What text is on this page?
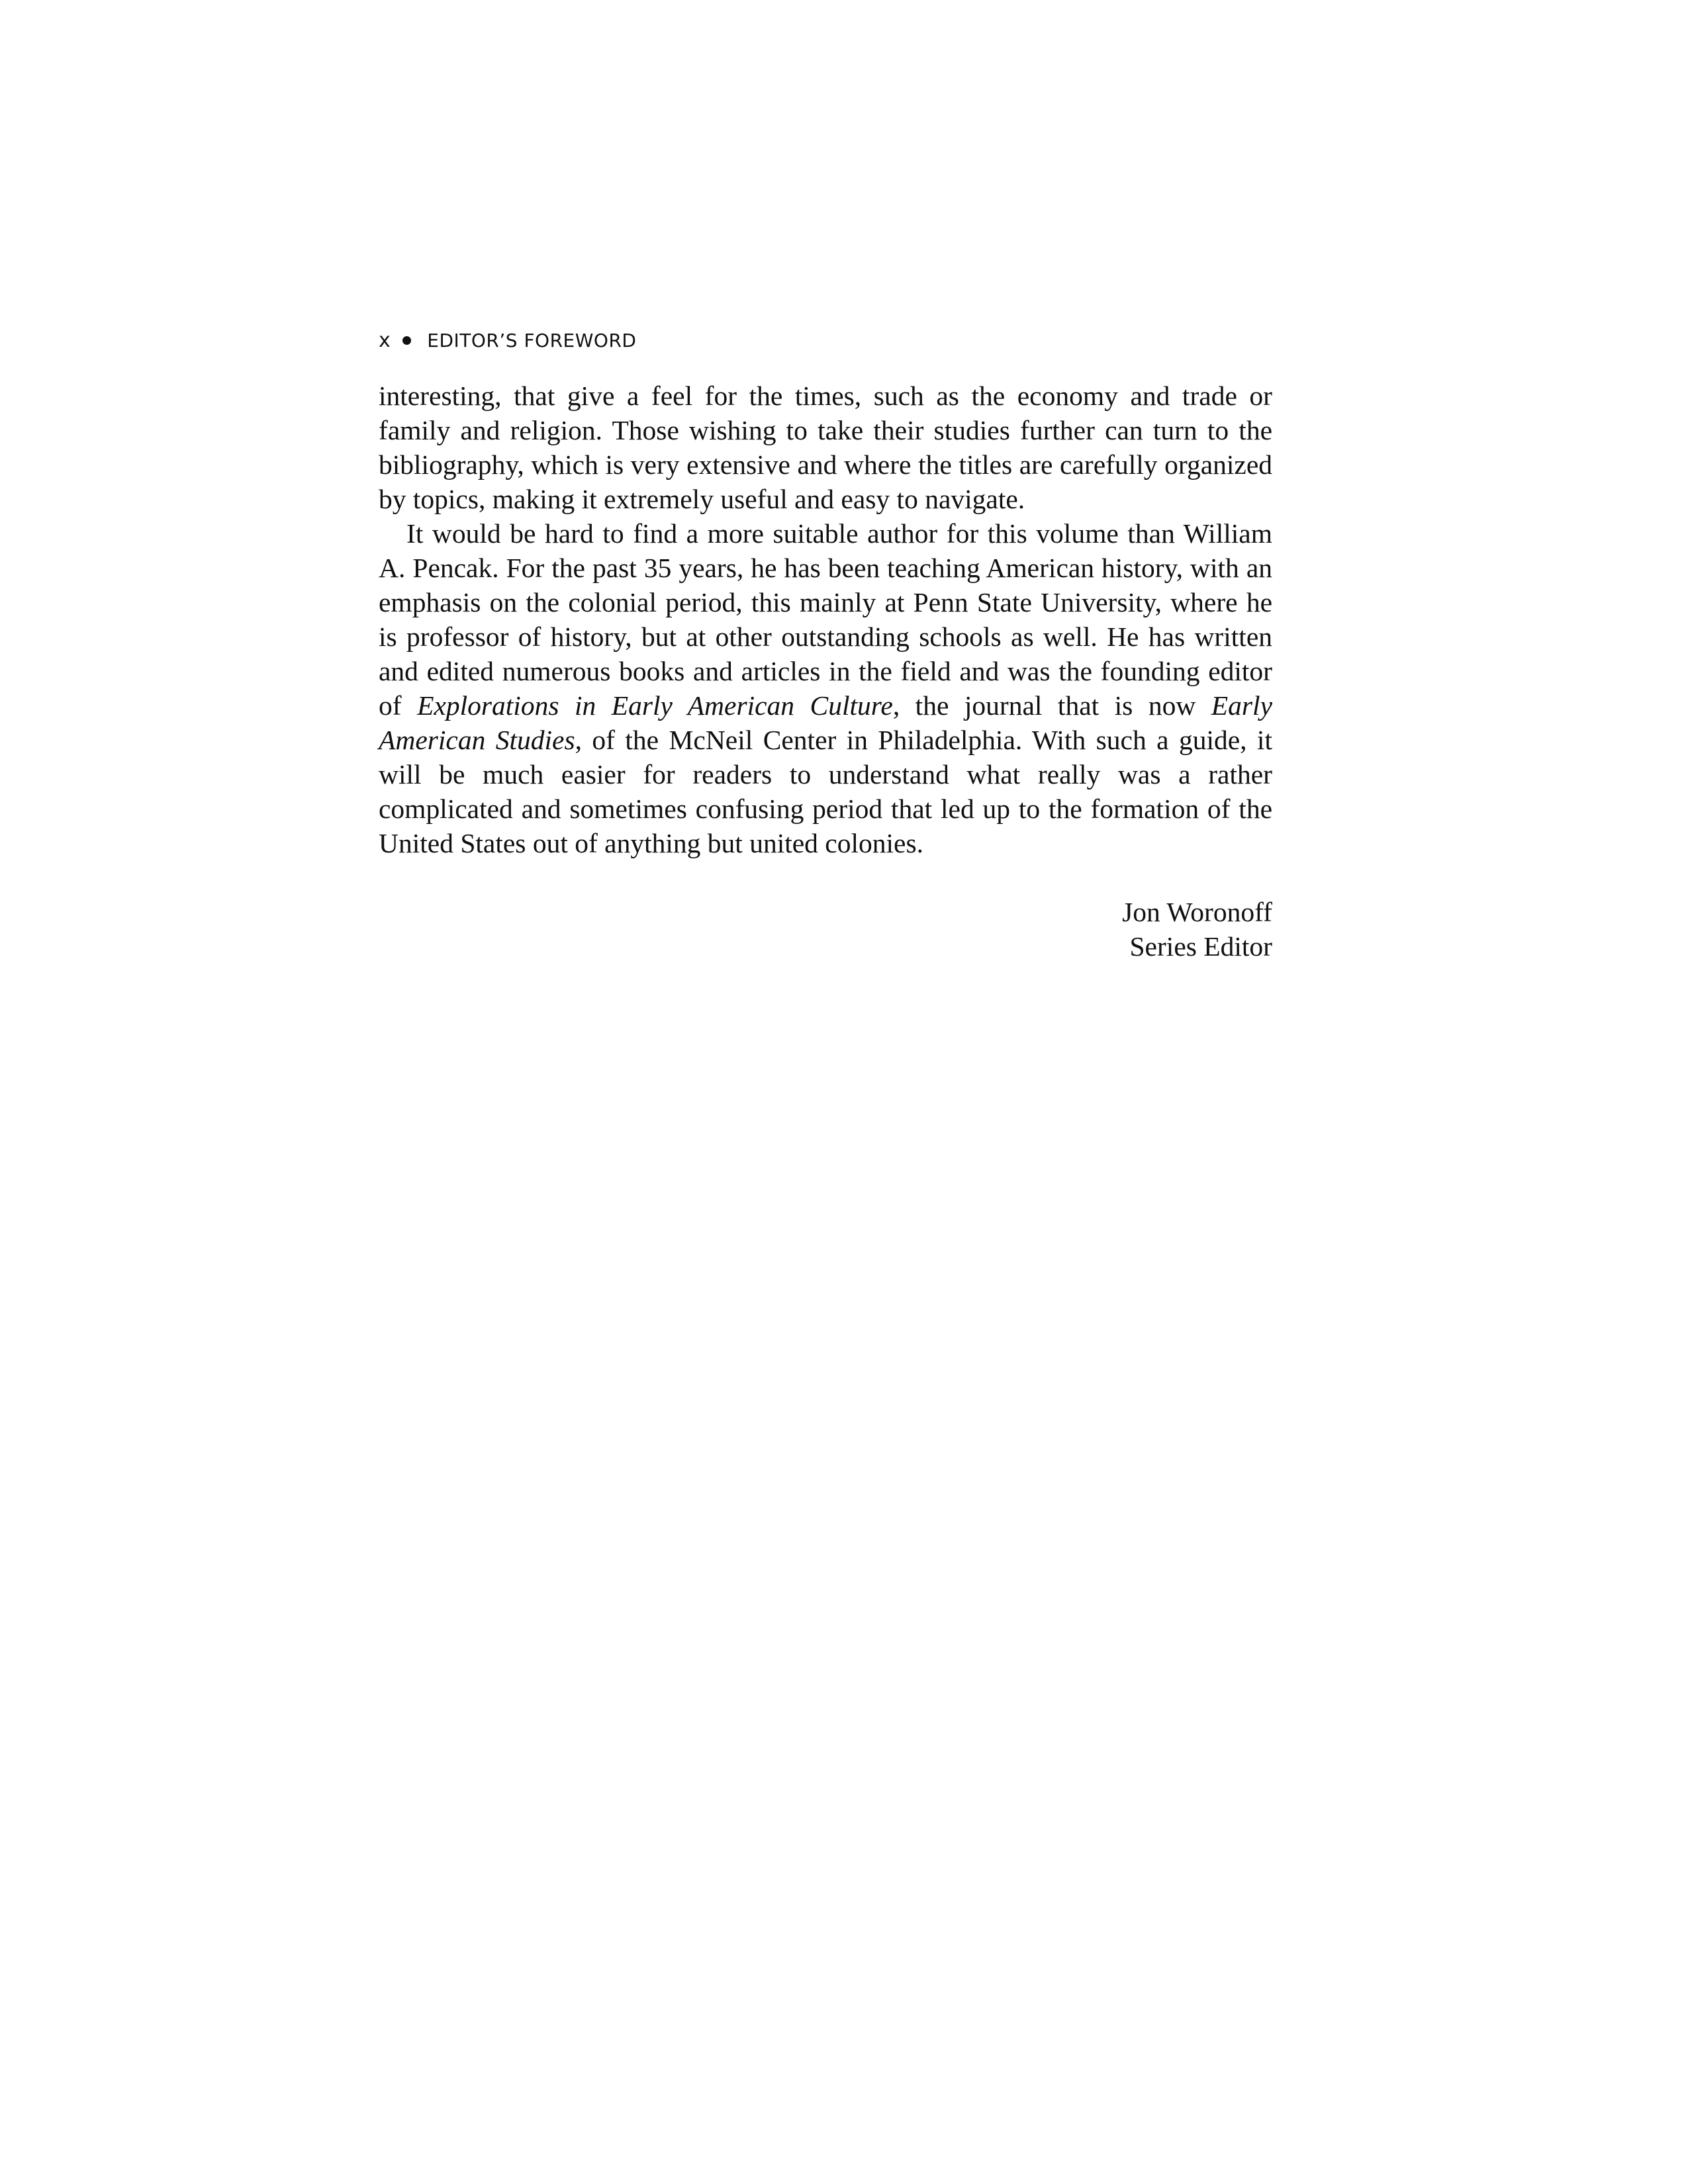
x EDITOR’S FOREWORD

interesting, that give a feel for the times, such as the economy and trade or family and religion. Those wishing to take their studies further can turn to the bibliography, which is very extensive and where the titles are carefully organized by topics, making it extremely useful and easy to navigate.

It would be hard to find a more suitable author for this volume than William A. Pencak. For the past 35 years, he has been teaching American history, with an emphasis on the colonial period, this mainly at Penn State University, where he is professor of history, but at other outstanding schools as well. He has written and edited numerous books and articles in the field and was the founding editor of Explorations in Early American Culture, the journal that is now Early American Studies, of the McNeil Center in Philadelphia. With such a guide, it will be much easier for readers to understand what really was a rather complicated and sometimes confusing period that led up to the formation of the United States out of anything but united colonies.

Jon Woronoff
Series Editor
